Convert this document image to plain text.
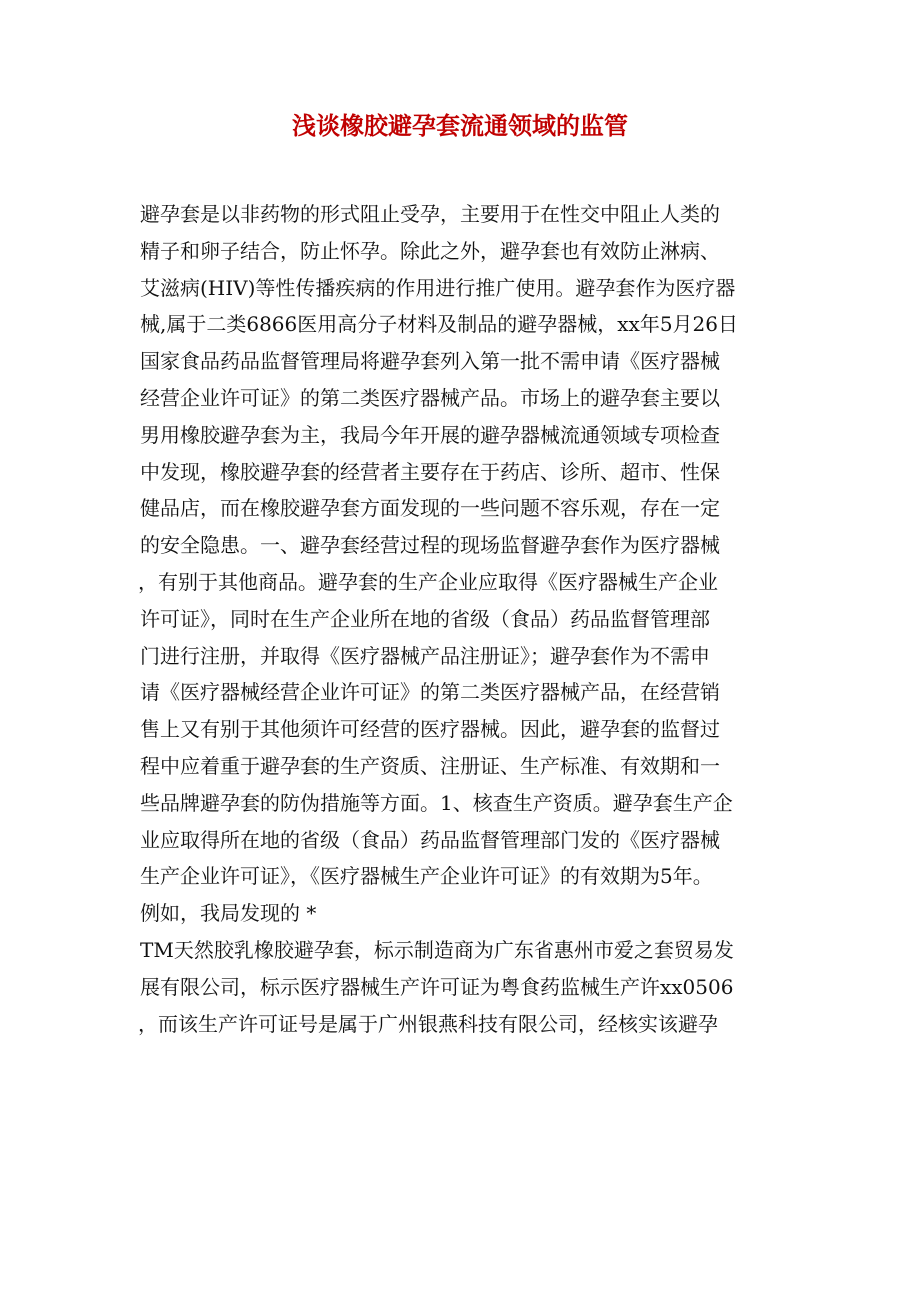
浅谈橡胶避孕套流通领域的监管
避孕套是以非药物的形式阻止受孕，主要用于在性交中阻止人类的
精子和卵子结合，防止怀孕。除此之外，避孕套也有效防止淋病、
艾滋病(HIV)等性传播疾病的作用进行推广使用。避孕套作为医疗器
械,属于二类6866医用高分子材料及制品的避孕器械，xx年5月26日
国家食品药品监督管理局将避孕套列入第一批不需申请《医疗器械
经营企业许可证》的第二类医疗器械产品。市场上的避孕套主要以
男用橡胶避孕套为主，我局今年开展的避孕器械流通领域专项检查
中发现，橡胶避孕套的经营者主要存在于药店、诊所、超市、性保
健品店，而在橡胶避孕套方面发现的一些问题不容乐观，存在一定
的安全隐患。一、避孕套经营过程的现场监督避孕套作为医疗器械
，有别于其他商品。避孕套的生产企业应取得《医疗器械生产企业
许可证》，同时在生产企业所在地的省级（食品）药品监督管理部
门进行注册，并取得《医疗器械产品注册证》；避孕套作为不需申
请《医疗器械经营企业许可证》的第二类医疗器械产品，在经营销
售上又有别于其他须许可经营的医疗器械。因此，避孕套的监督过
程中应着重于避孕套的生产资质、注册证、生产标准、有效期和一
些品牌避孕套的防伪措施等方面。1、核查生产资质。避孕套生产企
业应取得所在地的省级（食品）药品监督管理部门发的《医疗器械
生产企业许可证》，《医疗器械生产企业许可证》的有效期为5年。
例如，我局发现的 *
TM天然胶乳橡胶避孕套，标示制造商为广东省惠州市爱之套贸易发
展有限公司，标示医疗器械生产许可证为粤食药监械生产许xx0506
，而该生产许可证号是属于广州银燕科技有限公司，经核实该避孕
